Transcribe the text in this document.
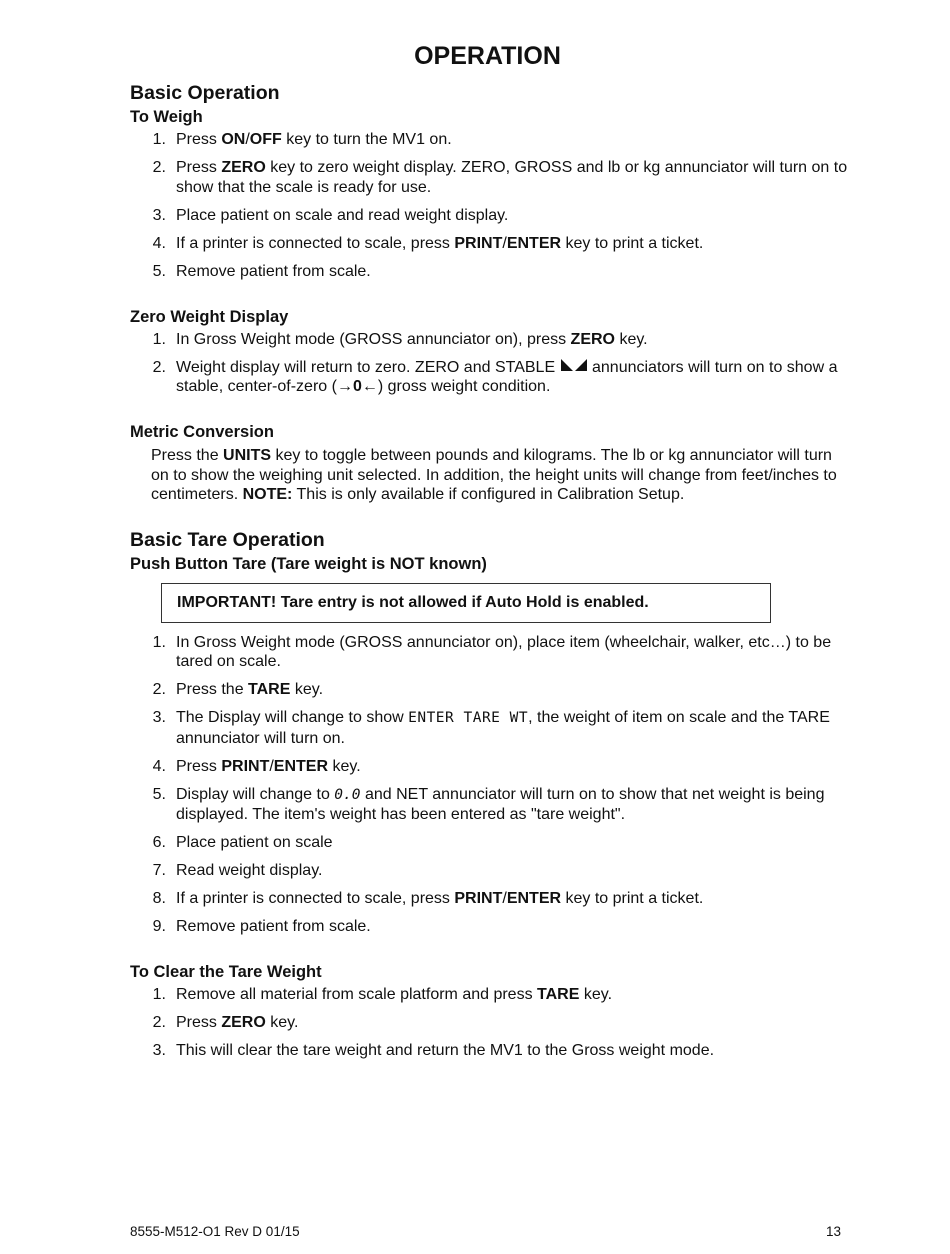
OPERATION
Basic Operation
To Weigh
1. Press ON/OFF key to turn the MV1 on.
2. Press ZERO key to zero weight display. ZERO, GROSS and lb or kg annunciator will turn on to show that the scale is ready for use.
3. Place patient on scale and read weight display.
4. If a printer is connected to scale, press PRINT/ENTER key to print a ticket.
5. Remove patient from scale.
Zero Weight Display
1. In Gross Weight mode (GROSS annunciator on), press ZERO key.
2. Weight display will return to zero. ZERO and STABLE  annunciators will turn on to show a stable, center-of-zero (→0←) gross weight condition.
Metric Conversion

Press the UNITS key to toggle between pounds and kilograms. The lb or kg annunciator will turn on to show the weighing unit selected. In addition, the height units will change from feet/inches to centimeters. NOTE: This is only available if configured in Calibration Setup.

Basic Tare Operation
Push Button Tare (Tare weight is NOT known)
IMPORTANT! Tare entry is not allowed if Auto Hold is enabled.
1. In Gross Weight mode (GROSS annunciator on), place item (wheelchair, walker, etc…) to be tared on scale.
2. Press the TARE key.
3. The Display will change to show ENTER TARE WT, the weight of item on scale and the TARE annunciator will turn on.
4. Press PRINT/ENTER key.
5. Display will change to 0.0 and NET annunciator will turn on to show that net weight is being displayed. The item's weight has been entered as "tare weight".
6. Place patient on scale
7. Read weight display.
8. If a printer is connected to scale, press PRINT/ENTER key to print a ticket.
9. Remove patient from scale.
To Clear the Tare Weight
1. Remove all material from scale platform and press TARE key.
2. Press ZERO key.
3. This will clear the tare weight and return the MV1 to the Gross weight mode.
8555-M512-O1 Rev D 01/15	13
